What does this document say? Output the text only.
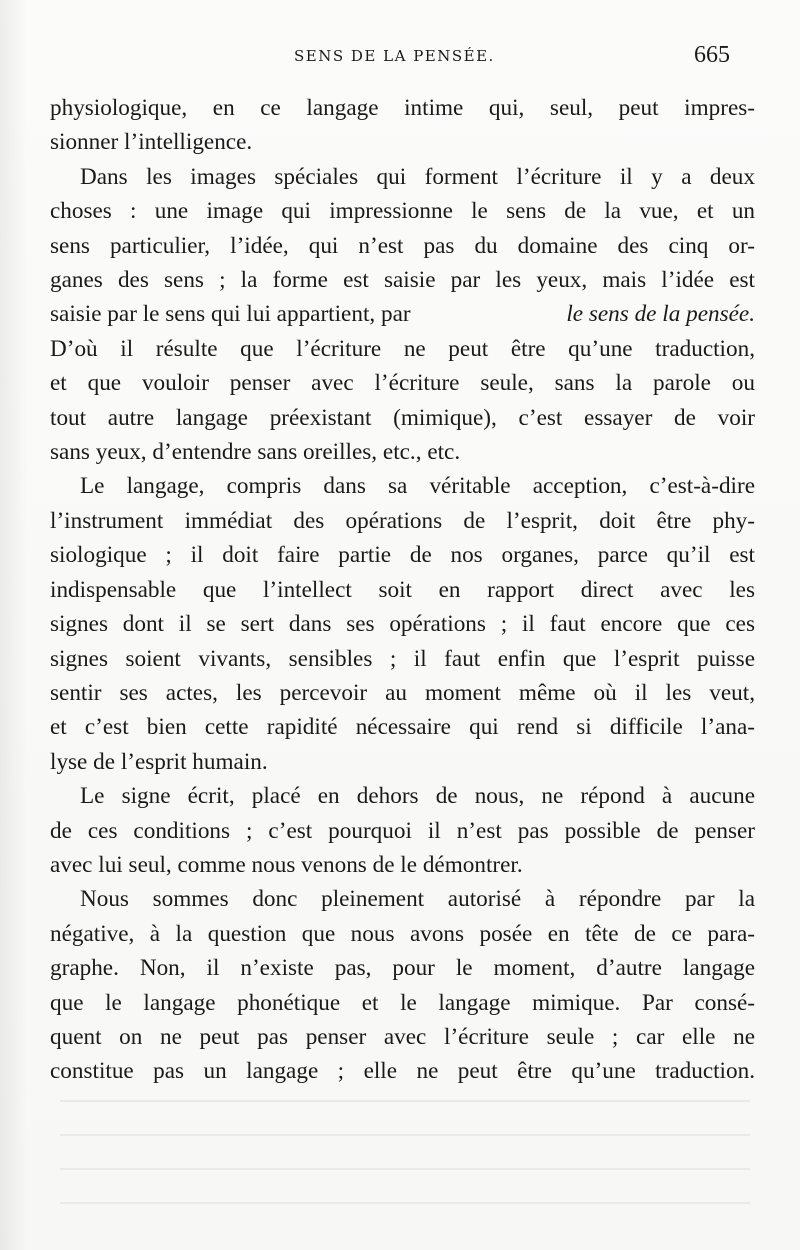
SENS DE LA PENSÉE.	665
physiologique, en ce langage intime qui, seul, peut impres-
sionner l’intelligence.
Dans les images spéciales qui forment l’écriture il y a deux
choses : une image qui impressionne le sens de la vue, et un
sens particulier, l’idée, qui n’est pas du domaine des cinq or-
ganes des sens ; la forme est saisie par les yeux, mais l’idée est
saisie par le sens qui lui appartient, par	le sens de la pensée.
D’où il résulte que l’écriture ne peut être qu’une traduction,
et que vouloir penser avec l’écriture seule, sans la parole ou
tout autre langage préexistant (mimique), c’est essayer de voir
sans yeux, d’entendre sans oreilles, etc., etc.
Le langage, compris dans sa véritable acception, c’est-à-dire
l’instrument immédiat des opérations de l’esprit, doit être phy-
siologique ; il doit faire partie de nos organes, parce qu’il est
indispensable que l’intellect soit en rapport direct avec les
signes dont il se sert dans ses opérations ; il faut encore que ces
signes soient vivants, sensibles ; il faut enfin que l’esprit puisse
sentir ses actes, les percevoir au moment même où il les veut,
et c’est bien cette rapidité nécessaire qui rend si difficile l’ana-
lyse de l’esprit humain.
Le signe écrit, placé en dehors de nous, ne répond à aucune
de ces conditions ; c’est pourquoi il n’est pas possible de penser
avec lui seul, comme nous venons de le démontrer.
Nous sommes donc pleinement autorisé à répondre par la
négative, à la question que nous avons posée en tête de ce para-
graphe. Non, il n’existe pas, pour le moment, d’autre langage
que le langage phonétique et le langage mimique. Par consé-
quent on ne peut pas penser avec l’écriture seule ; car elle ne
constitue pas un langage ; elle ne peut être qu’une traduction.
